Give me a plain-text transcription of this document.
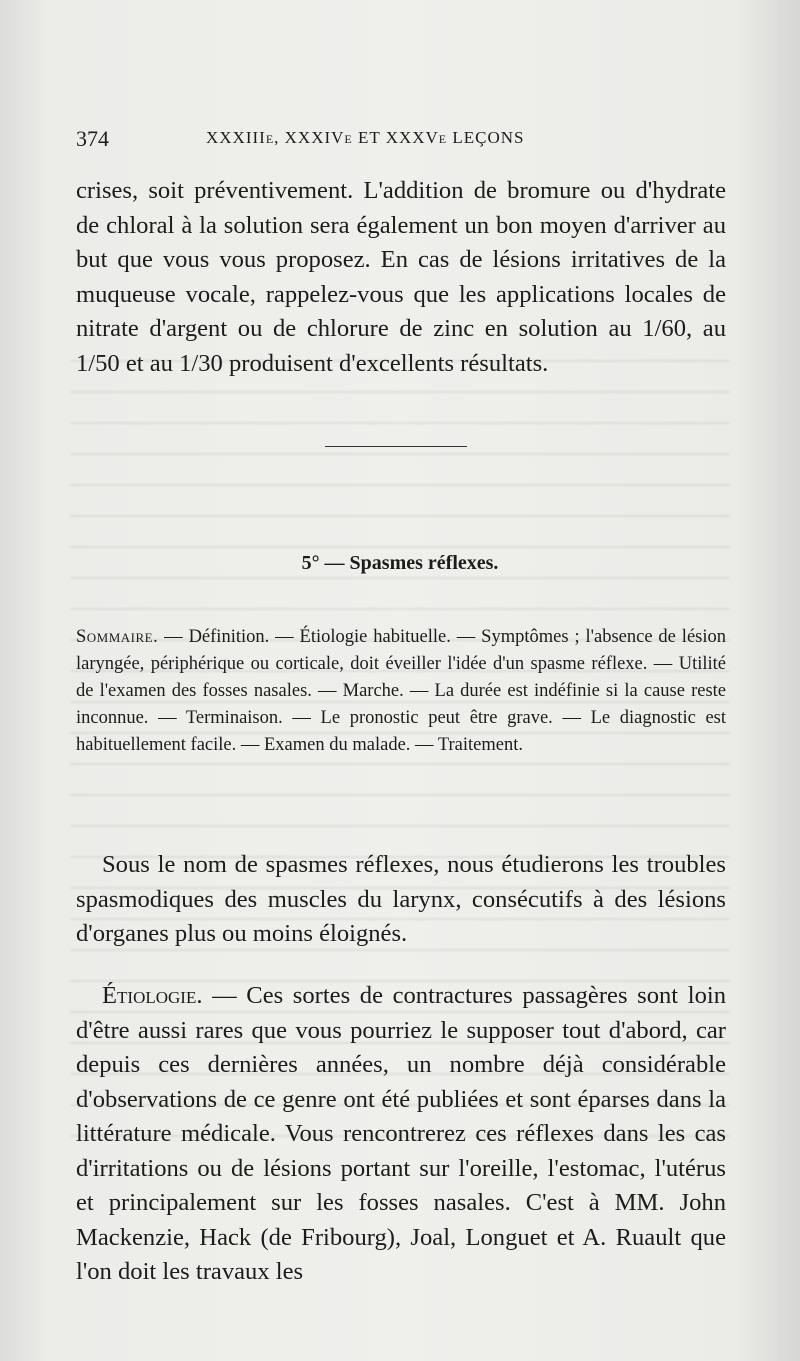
374	XXXIIIe, XXXIVe ET XXXVe LEÇONS

crises, soit préventivement. L'addition de bromure ou d'hydrate de chloral à la solution sera également un bon moyen d'arriver au but que vous vous proposez. En cas de lésions irritatives de la muqueuse vocale, rappelez-vous que les applications locales de nitrate d'argent ou de chlorure de zinc en solution au 1/60, au 1/50 et au 1/30 produisent d'excellents résultats.

5° — Spasmes réflexes.

Sommaire. — Définition. — Étiologie habituelle. — Symptômes ; l'absence de lésion laryngée, périphérique ou corticale, doit éveiller l'idée d'un spasme réflexe. — Utilité de l'examen des fosses nasales. — Marche. — La durée est indéfinie si la cause reste inconnue. — Terminaison. — Le pronostic peut être grave. — Le diagnostic est habituellement facile. — Examen du malade. — Traitement.

Sous le nom de spasmes réflexes, nous étudierons les troubles spasmodiques des muscles du larynx, consécutifs à des lésions d'organes plus ou moins éloignés.

Étiologie. — Ces sortes de contractures passagères sont loin d'être aussi rares que vous pourriez le supposer tout d'abord, car depuis ces dernières années, un nombre déjà considérable d'observations de ce genre ont été publiées et sont éparses dans la littérature médicale. Vous rencontrerez ces réflexes dans les cas d'irritations ou de lésions portant sur l'oreille, l'estomac, l'utérus et principalement sur les fosses nasales. C'est à MM. John Mackenzie, Hack (de Fribourg), Joal, Longuet et A. Ruault que l'on doit les travaux les
